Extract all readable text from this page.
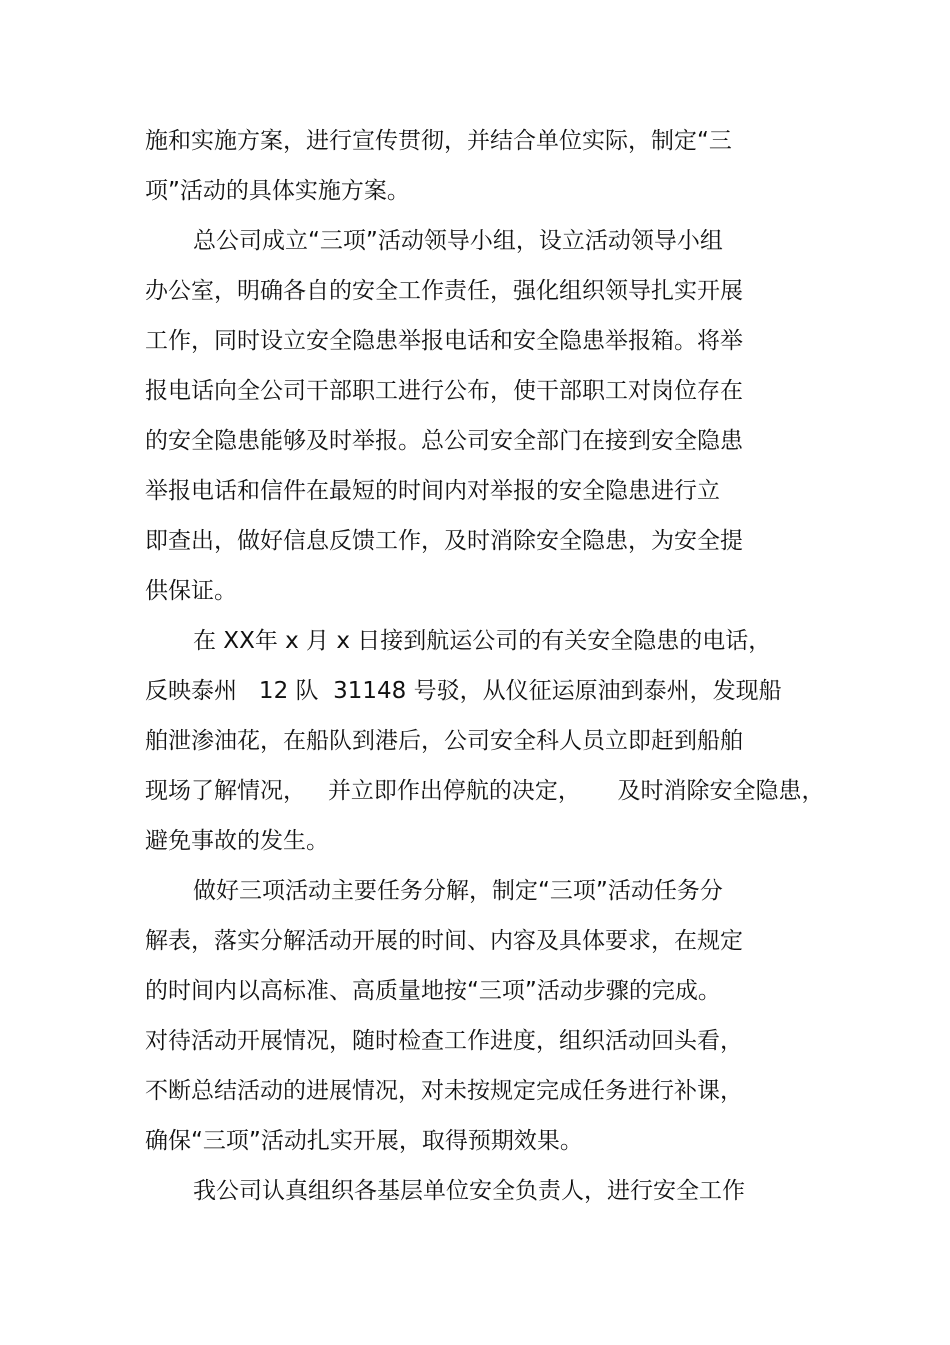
施和实施方案，进行宣传贯彻，并结合单位实际，制定“三
项”活动的具体实施方案。
总公司成立“三项”活动领导小组，设立活动领导小组
办公室，明确各自的安全工作责任，强化组织领导扎实开展
工作，同时设立安全隐患举报电话和安全隐患举报箱。将举
报电话向全公司干部职工进行公布，使干部职工对岗位存在
的安全隐患能够及时举报。总公司安全部门在接到安全隐患
举报电话和信件在最短的时间内对举报的安全隐患进行立
即查出，做好信息反馈工作，及时消除安全隐患，为安全提
供保证。
在 XX年 x 月 x 日接到航运公司的有关安全隐患的电话，
反映泰州   12 队  31148 号驳，从仪征运原油到泰州，发现船
舶泄渗油花，在船队到港后，公司安全科人员立即赶到船舶
现场了解情况，   并立即作出停航的决定，     及时消除安全隐患，
避免事故的发生。
做好三项活动主要任务分解，制定“三项”活动任务分
解表，落实分解活动开展的时间、内容及具体要求，在规定
的时间内以高标准、高质量地按“三项”活动步骤的完成。
对待活动开展情况，随时检查工作进度，组织活动回头看，
不断总结活动的进展情况，对未按规定完成任务进行补课，
确保“三项”活动扎实开展，取得预期效果。
我公司认真组织各基层单位安全负责人，进行安全工作
